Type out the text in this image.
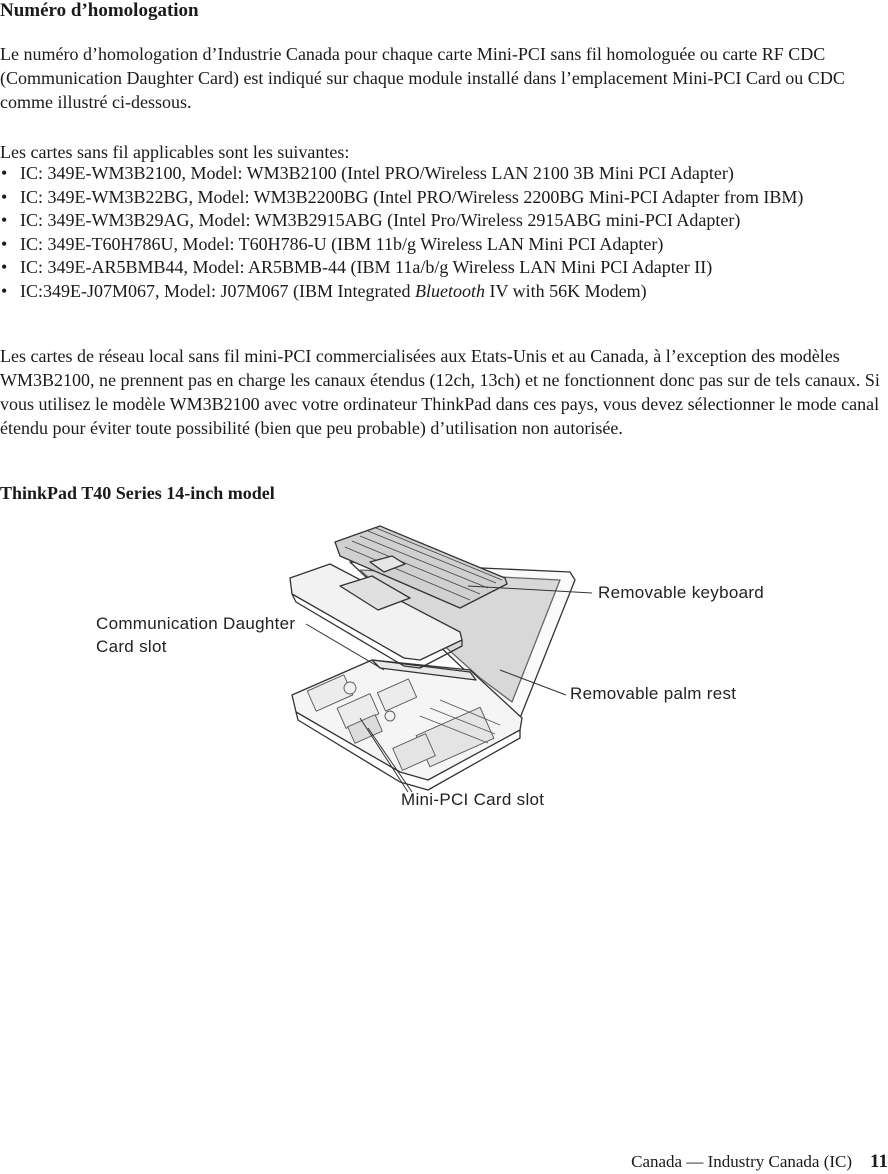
Numéro d’homologation

Le numéro d’homologation d’Industrie Canada pour chaque carte Mini-PCI sans fil homologuée ou carte RF CDC (Communication Daughter Card) est indiqué sur chaque module installé dans l’emplacement Mini-PCI Card ou CDC comme illustré ci-dessous.

Les cartes sans fil applicables sont les suivantes:

• IC: 349E-WM3B2100, Model: WM3B2100 (Intel PRO/Wireless LAN 2100 3B Mini PCI Adapter)
• IC: 349E-WM3B22BG, Model: WM3B2200BG (Intel PRO/Wireless 2200BG Mini-PCI Adapter from IBM)
• IC: 349E-WM3B29AG, Model: WM3B2915ABG (Intel Pro/Wireless 2915ABG mini-PCI Adapter)
• IC: 349E-T60H786U, Model: T60H786-U (IBM 11b/g Wireless LAN Mini PCI Adapter)
• IC: 349E-AR5BMB44, Model: AR5BMB-44 (IBM 11a/b/g Wireless LAN Mini PCI Adapter II)
• IC:349E-J07M067, Model: J07M067 (IBM Integrated Bluetooth IV with 56K Modem)

Les cartes de réseau local sans fil mini-PCI commercialisées aux Etats-Unis et au Canada, à l’exception des modèles WM3B2100, ne prennent pas en charge les canaux étendus (12ch, 13ch) et ne fonctionnent donc pas sur de tels canaux. Si vous utilisez le modèle WM3B2100 avec votre ordinateur ThinkPad dans ces pays, vous devez sélectionner le mode canal étendu pour éviter toute possibilité (bien que peu probable) d’utilisation non autorisée.

ThinkPad T40 Series 14-inch model
Removable keyboard
Communication Daughter
Card slot
Removable palm rest
Mini-PCI Card slot
Canada — Industry Canada (IC) 11
